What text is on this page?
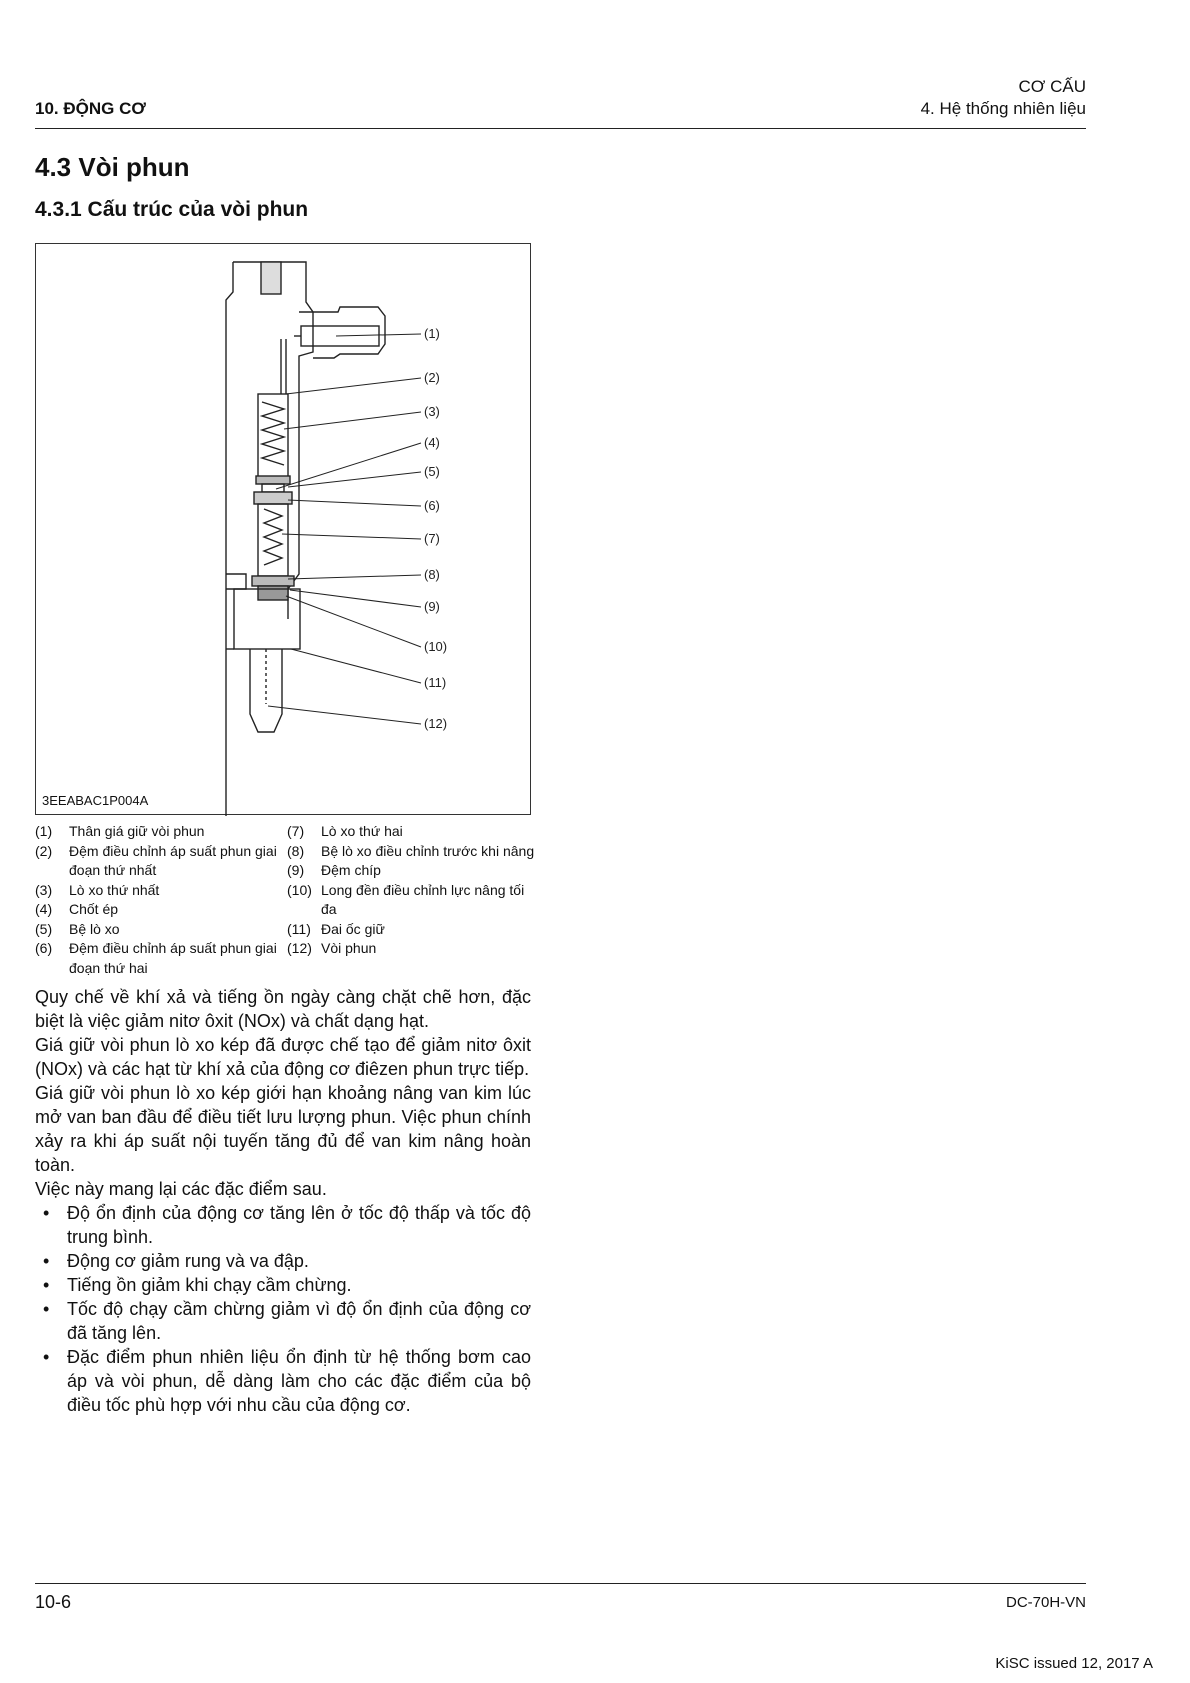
10. ĐỘNG CƠ
CƠ CẤU
4. Hệ thống nhiên liệu
4.3 Vòi phun
4.3.1 Cấu trúc của vòi phun
(1)
(2)
(3)
(4)
(5)
(6)
(7)
(8)
(9)
(10)
(11)
(12)
3EEABAC1P004A
(1)	Thân giá giữ vòi phun
(2)	Đệm điều chỉnh áp suất phun giai đoạn thứ nhất
(3)	Lò xo thứ nhất
(4)	Chốt ép
(5)	Bệ lò xo
(6)	Đệm điều chỉnh áp suất phun giai đoạn thứ hai
(7)	Lò xo thứ hai
(8)	Bệ lò xo điều chỉnh trước khi nâng
(9)	Đệm chíp
(10) Long đền điều chỉnh lực nâng tối đa
(11) Đai ốc giữ
(12) Vòi phun

Quy chế về khí xả và tiếng ồn ngày càng chặt chẽ hơn, đặc biệt là việc giảm nitơ ôxit (NOx) và chất dạng hạt.

Giá giữ vòi phun lò xo kép đã được chế tạo để giảm nitơ ôxit (NOx) và các hạt từ khí xả của động cơ điêzen phun trực tiếp.

Giá giữ vòi phun lò xo kép giới hạn khoảng nâng van kim lúc mở van ban đầu để điều tiết lưu lượng phun. Việc phun chính xảy ra khi áp suất nội tuyến tăng đủ để van kim nâng hoàn toàn.

Việc này mang lại các đặc điểm sau.

• Độ ổn định của động cơ tăng lên ở tốc độ thấp và tốc độ trung bình.
• Động cơ giảm rung và va đập.
• Tiếng ồn giảm khi chạy cầm chừng.
• Tốc độ chạy cầm chừng giảm vì độ ổn định của động cơ đã tăng lên.
• Đặc điểm phun nhiên liệu ổn định từ hệ thống bơm cao áp và vòi phun, dễ dàng làm cho các đặc điểm của bộ điều tốc phù hợp với nhu cầu của động cơ.
10-6	DC-70H-VN
KiSC issued 12, 2017 A
